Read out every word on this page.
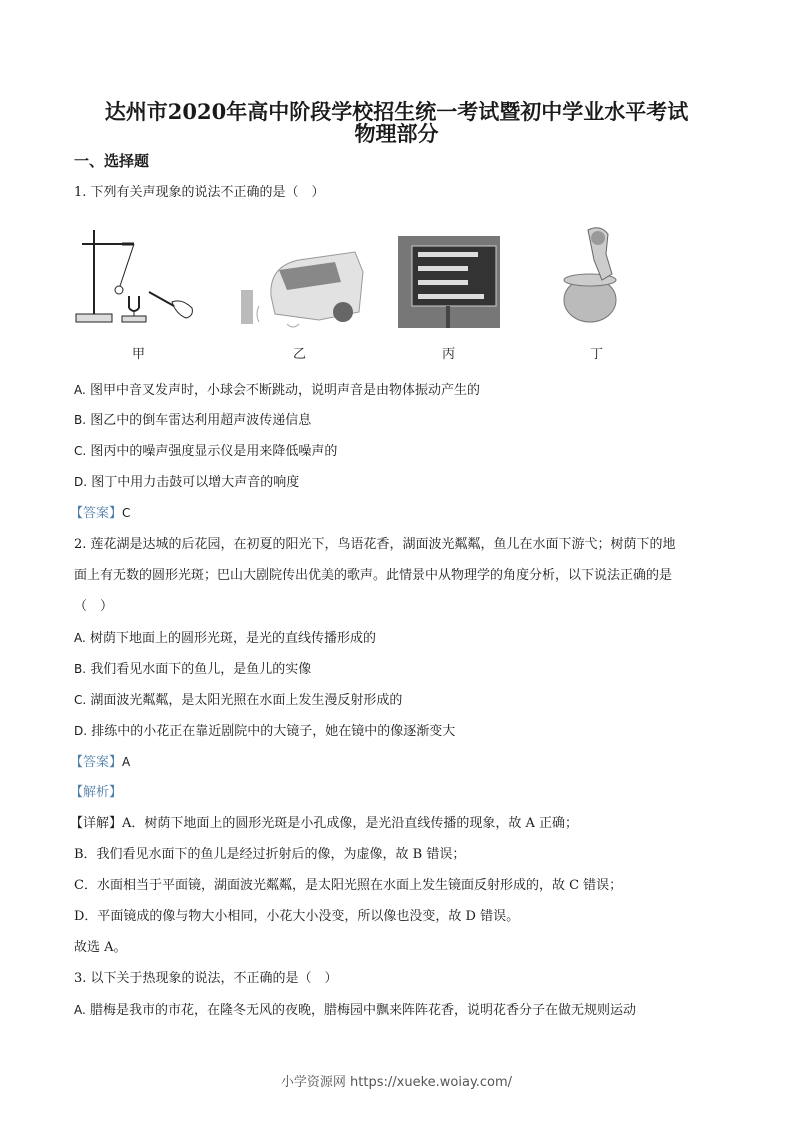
达州市2020年高中阶段学校招生统一考试暨初中学业水平考试
物理部分
一、选择题
1. 下列有关声现象的说法不正确的是（　）
甲	乙	丙	丁
A. 图甲中音叉发声时，小球会不断跳动，说明声音是由物体振动产生的
B. 图乙中的倒车雷达利用超声波传递信息
C. 图丙中的噪声强度显示仪是用来降低噪声的
D. 图丁中用力击鼓可以增大声音的响度
【答案】C
2. 莲花湖是达城的后花园，在初夏的阳光下，鸟语花香，湖面波光粼粼，鱼儿在水面下游弋；树荫下的地
面上有无数的圆形光斑；巴山大剧院传出优美的歌声。此情景中从物理学的角度分析，以下说法正确的是
（　）
A. 树荫下地面上的圆形光斑，是光的直线传播形成的
B. 我们看见水面下的鱼儿，是鱼儿的实像
C. 湖面波光粼粼，是太阳光照在水面上发生漫反射形成的
D. 排练中的小花正在靠近剧院中的大镜子，她在镜中的像逐渐变大
【答案】A
【解析】
【详解】A．树荫下地面上的圆形光斑是小孔成像，是光沿直线传播的现象，故 A 正确；
B．我们看见水面下的鱼儿是经过折射后的像，为虚像，故 B 错误；
C．水面相当于平面镜，湖面波光粼粼，是太阳光照在水面上发生镜面反射形成的，故 C 错误；
D．平面镜成的像与物大小相同，小花大小没变，所以像也没变，故 D 错误。
故选 A。
3. 以下关于热现象的说法，不正确的是（　）
A. 腊梅是我市的市花，在隆冬无风的夜晚，腊梅园中飘来阵阵花香，说明花香分子在做无规则运动
小学资源网 https://xueke.woiay.com/
